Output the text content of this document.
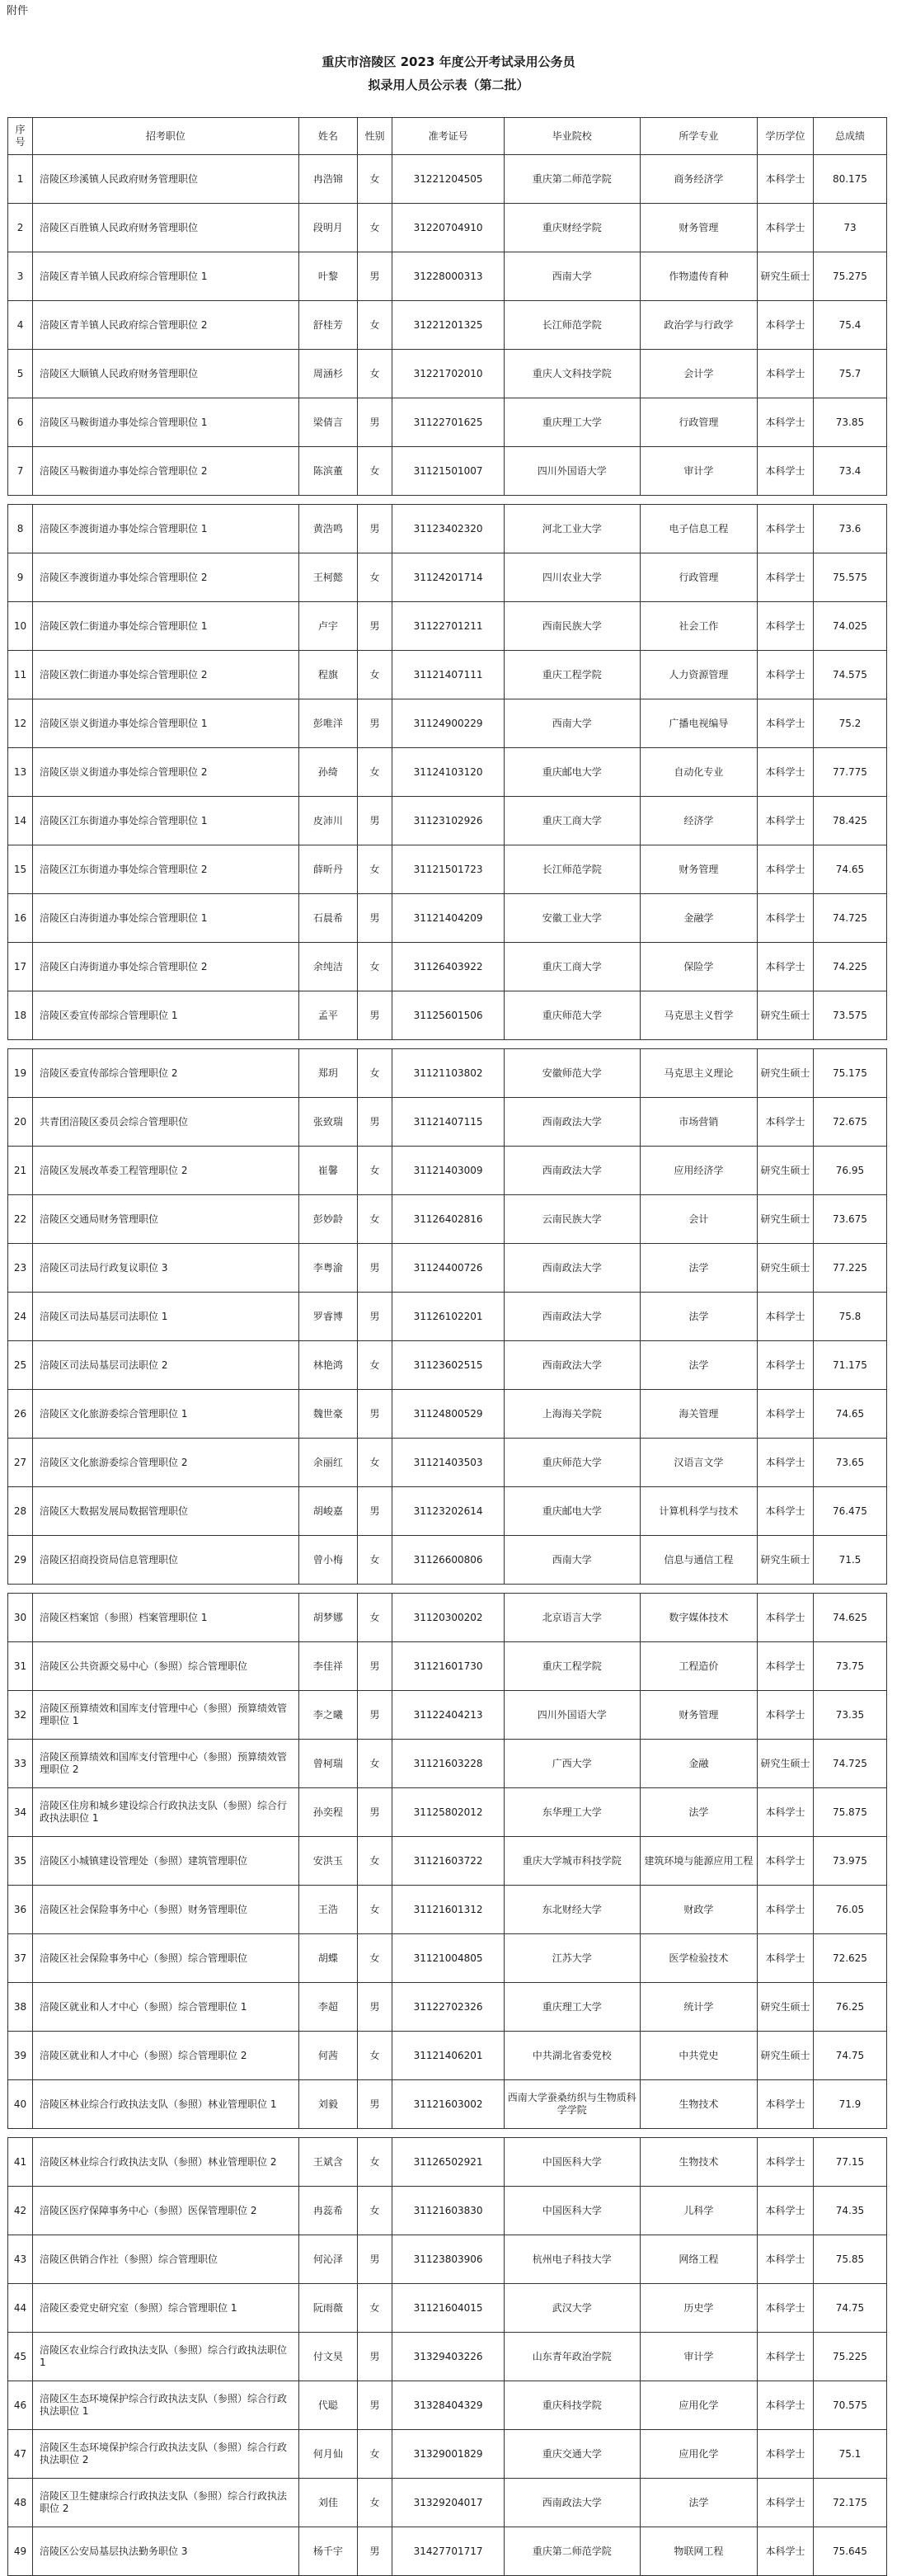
附件
重庆市涪陵区 2023 年度公开考试录用公务员
拟录用人员公示表（第二批）
序号	招考职位	姓名	性别	准考证号	毕业院校	所学专业	学历学位	总成绩
1	涪陵区珍溪镇人民政府财务管理职位	冉浩锦	女	31221204505	重庆第二师范学院	商务经济学	本科学士	80.175
2	涪陵区百胜镇人民政府财务管理职位	段明月	女	31220704910	重庆财经学院	财务管理	本科学士	73
3	涪陵区青羊镇人民政府综合管理职位 1	叶黎	男	31228000313	西南大学	作物遗传育种	研究生硕士	75.275
4	涪陵区青羊镇人民政府综合管理职位 2	舒桂芳	女	31221201325	长江师范学院	政治学与行政学	本科学士	75.4
5	涪陵区大顺镇人民政府财务管理职位	周涵杉	女	31221702010	重庆人文科技学院	会计学	本科学士	75.7
6	涪陵区马鞍街道办事处综合管理职位 1	梁倩言	男	31122701625	重庆理工大学	行政管理	本科学士	73.85
7	涪陵区马鞍街道办事处综合管理职位 2	陈滨董	女	31121501007	四川外国语大学	审计学	本科学士	73.4

8	涪陵区李渡街道办事处综合管理职位 1	黄浩鸣	男	31123402320	河北工业大学	电子信息工程	本科学士	73.6
9	涪陵区李渡街道办事处综合管理职位 2	王柯懿	女	31124201714	四川农业大学	行政管理	本科学士	75.575
10	涪陵区敦仁街道办事处综合管理职位 1	卢宇	男	31122701211	西南民族大学	社会工作	本科学士	74.025
11	涪陵区敦仁街道办事处综合管理职位 2	程旗	女	31121407111	重庆工程学院	人力资源管理	本科学士	74.575
12	涪陵区崇义街道办事处综合管理职位 1	彭唯洋	男	31124900229	西南大学	广播电视编导	本科学士	75.2
13	涪陵区崇义街道办事处综合管理职位 2	孙绮	女	31124103120	重庆邮电大学	自动化专业	本科学士	77.775
14	涪陵区江东街道办事处综合管理职位 1	皮沛川	男	31123102926	重庆工商大学	经济学	本科学士	78.425
15	涪陵区江东街道办事处综合管理职位 2	薛昕丹	女	31121501723	长江师范学院	财务管理	本科学士	74.65
16	涪陵区白涛街道办事处综合管理职位 1	石晨希	男	31121404209	安徽工业大学	金融学	本科学士	74.725
17	涪陵区白涛街道办事处综合管理职位 2	余纯洁	女	31126403922	重庆工商大学	保险学	本科学士	74.225
18	涪陵区委宣传部综合管理职位 1	孟平	男	31125601506	重庆师范大学	马克思主义哲学	研究生硕士	73.575

19	涪陵区委宣传部综合管理职位 2	郑玥	女	31121103802	安徽师范大学	马克思主义理论	研究生硕士	75.175
20	共青团涪陵区委员会综合管理职位	张致瑞	男	31121407115	西南政法大学	市场营销	本科学士	72.675
21	涪陵区发展改革委工程管理职位 2	崔馨	女	31121403009	西南政法大学	应用经济学	研究生硕士	76.95
22	涪陵区交通局财务管理职位	彭妙龄	女	31126402816	云南民族大学	会计	研究生硕士	73.675
23	涪陵区司法局行政复议职位 3	李粤渝	男	31124400726	西南政法大学	法学	研究生硕士	77.225
24	涪陵区司法局基层司法职位 1	罗睿博	男	31126102201	西南政法大学	法学	本科学士	75.8
25	涪陵区司法局基层司法职位 2	林艳鸿	女	31123602515	西南政法大学	法学	本科学士	71.175
26	涪陵区文化旅游委综合管理职位 1	魏世豪	男	31124800529	上海海关学院	海关管理	本科学士	74.65
27	涪陵区文化旅游委综合管理职位 2	余丽红	女	31121403503	重庆师范大学	汉语言文学	本科学士	73.65
28	涪陵区大数据发展局数据管理职位	胡峻嘉	男	31123202614	重庆邮电大学	计算机科学与技术	本科学士	76.475
29	涪陵区招商投资局信息管理职位	曾小梅	女	31126600806	西南大学	信息与通信工程	研究生硕士	71.5

30	涪陵区档案馆（参照）档案管理职位 1	胡梦娜	女	31120300202	北京语言大学	数字媒体技术	本科学士	74.625
31	涪陵区公共资源交易中心（参照）综合管理职位	李佳祥	男	31121601730	重庆工程学院	工程造价	本科学士	73.75
32	涪陵区预算绩效和国库支付管理中心（参照）预算绩效管理职位 1	李之曦	男	31122404213	四川外国语大学	财务管理	本科学士	73.35
33	涪陵区预算绩效和国库支付管理中心（参照）预算绩效管理职位 2	曾柯瑞	女	31121603228	广西大学	金融	研究生硕士	74.725
34	涪陵区住房和城乡建设综合行政执法支队（参照）综合行政执法职位 1	孙奕程	男	31125802012	东华理工大学	法学	本科学士	75.875
35	涪陵区小城镇建设管理处（参照）建筑管理职位	安洪玉	女	31121603722	重庆大学城市科技学院	建筑环境与能源应用工程	本科学士	73.975
36	涪陵区社会保险事务中心（参照）财务管理职位	王浩	女	31121601312	东北财经大学	财政学	本科学士	76.05
37	涪陵区社会保险事务中心（参照）综合管理职位	胡蝶	女	31121004805	江苏大学	医学检验技术	本科学士	72.625
38	涪陵区就业和人才中心（参照）综合管理职位 1	李超	男	31122702326	重庆理工大学	统计学	研究生硕士	76.25
39	涪陵区就业和人才中心（参照）综合管理职位 2	何茜	女	31121406201	中共湖北省委党校	中共党史	研究生硕士	74.75
40	涪陵区林业综合行政执法支队（参照）林业管理职位 1	刘毅	男	31121603002	西南大学蚕桑纺织与生物质科学学院	生物技术	本科学士	71.9

41	涪陵区林业综合行政执法支队（参照）林业管理职位 2	王斌含	女	31126502921	中国医科大学	生物技术	本科学士	77.15
42	涪陵区医疗保障事务中心（参照）医保管理职位 2	冉蕊希	女	31121603830	中国医科大学	儿科学	本科学士	74.35
43	涪陵区供销合作社（参照）综合管理职位	何沁泽	男	31123803906	杭州电子科技大学	网络工程	本科学士	75.85
44	涪陵区委党史研究室（参照）综合管理职位 1	阮雨薇	女	31121604015	武汉大学	历史学	本科学士	74.75
45	涪陵区农业综合行政执法支队（参照）综合行政执法职位 1	付文昊	男	31329403226	山东青年政治学院	审计学	本科学士	75.225
46	涪陵区生态环境保护综合行政执法支队（参照）综合行政执法职位 1	代聪	男	31328404329	重庆科技学院	应用化学	本科学士	70.575
47	涪陵区生态环境保护综合行政执法支队（参照）综合行政执法职位 2	何月仙	女	31329001829	重庆交通大学	应用化学	本科学士	75.1
48	涪陵区卫生健康综合行政执法支队（参照）综合行政执法职位 2	刘佳	女	31329204017	西南政法大学	法学	本科学士	72.175
49	涪陵区公安局基层执法勤务职位 3	杨千宇	男	31427701717	重庆第二师范学院	物联网工程	本科学士	75.645
